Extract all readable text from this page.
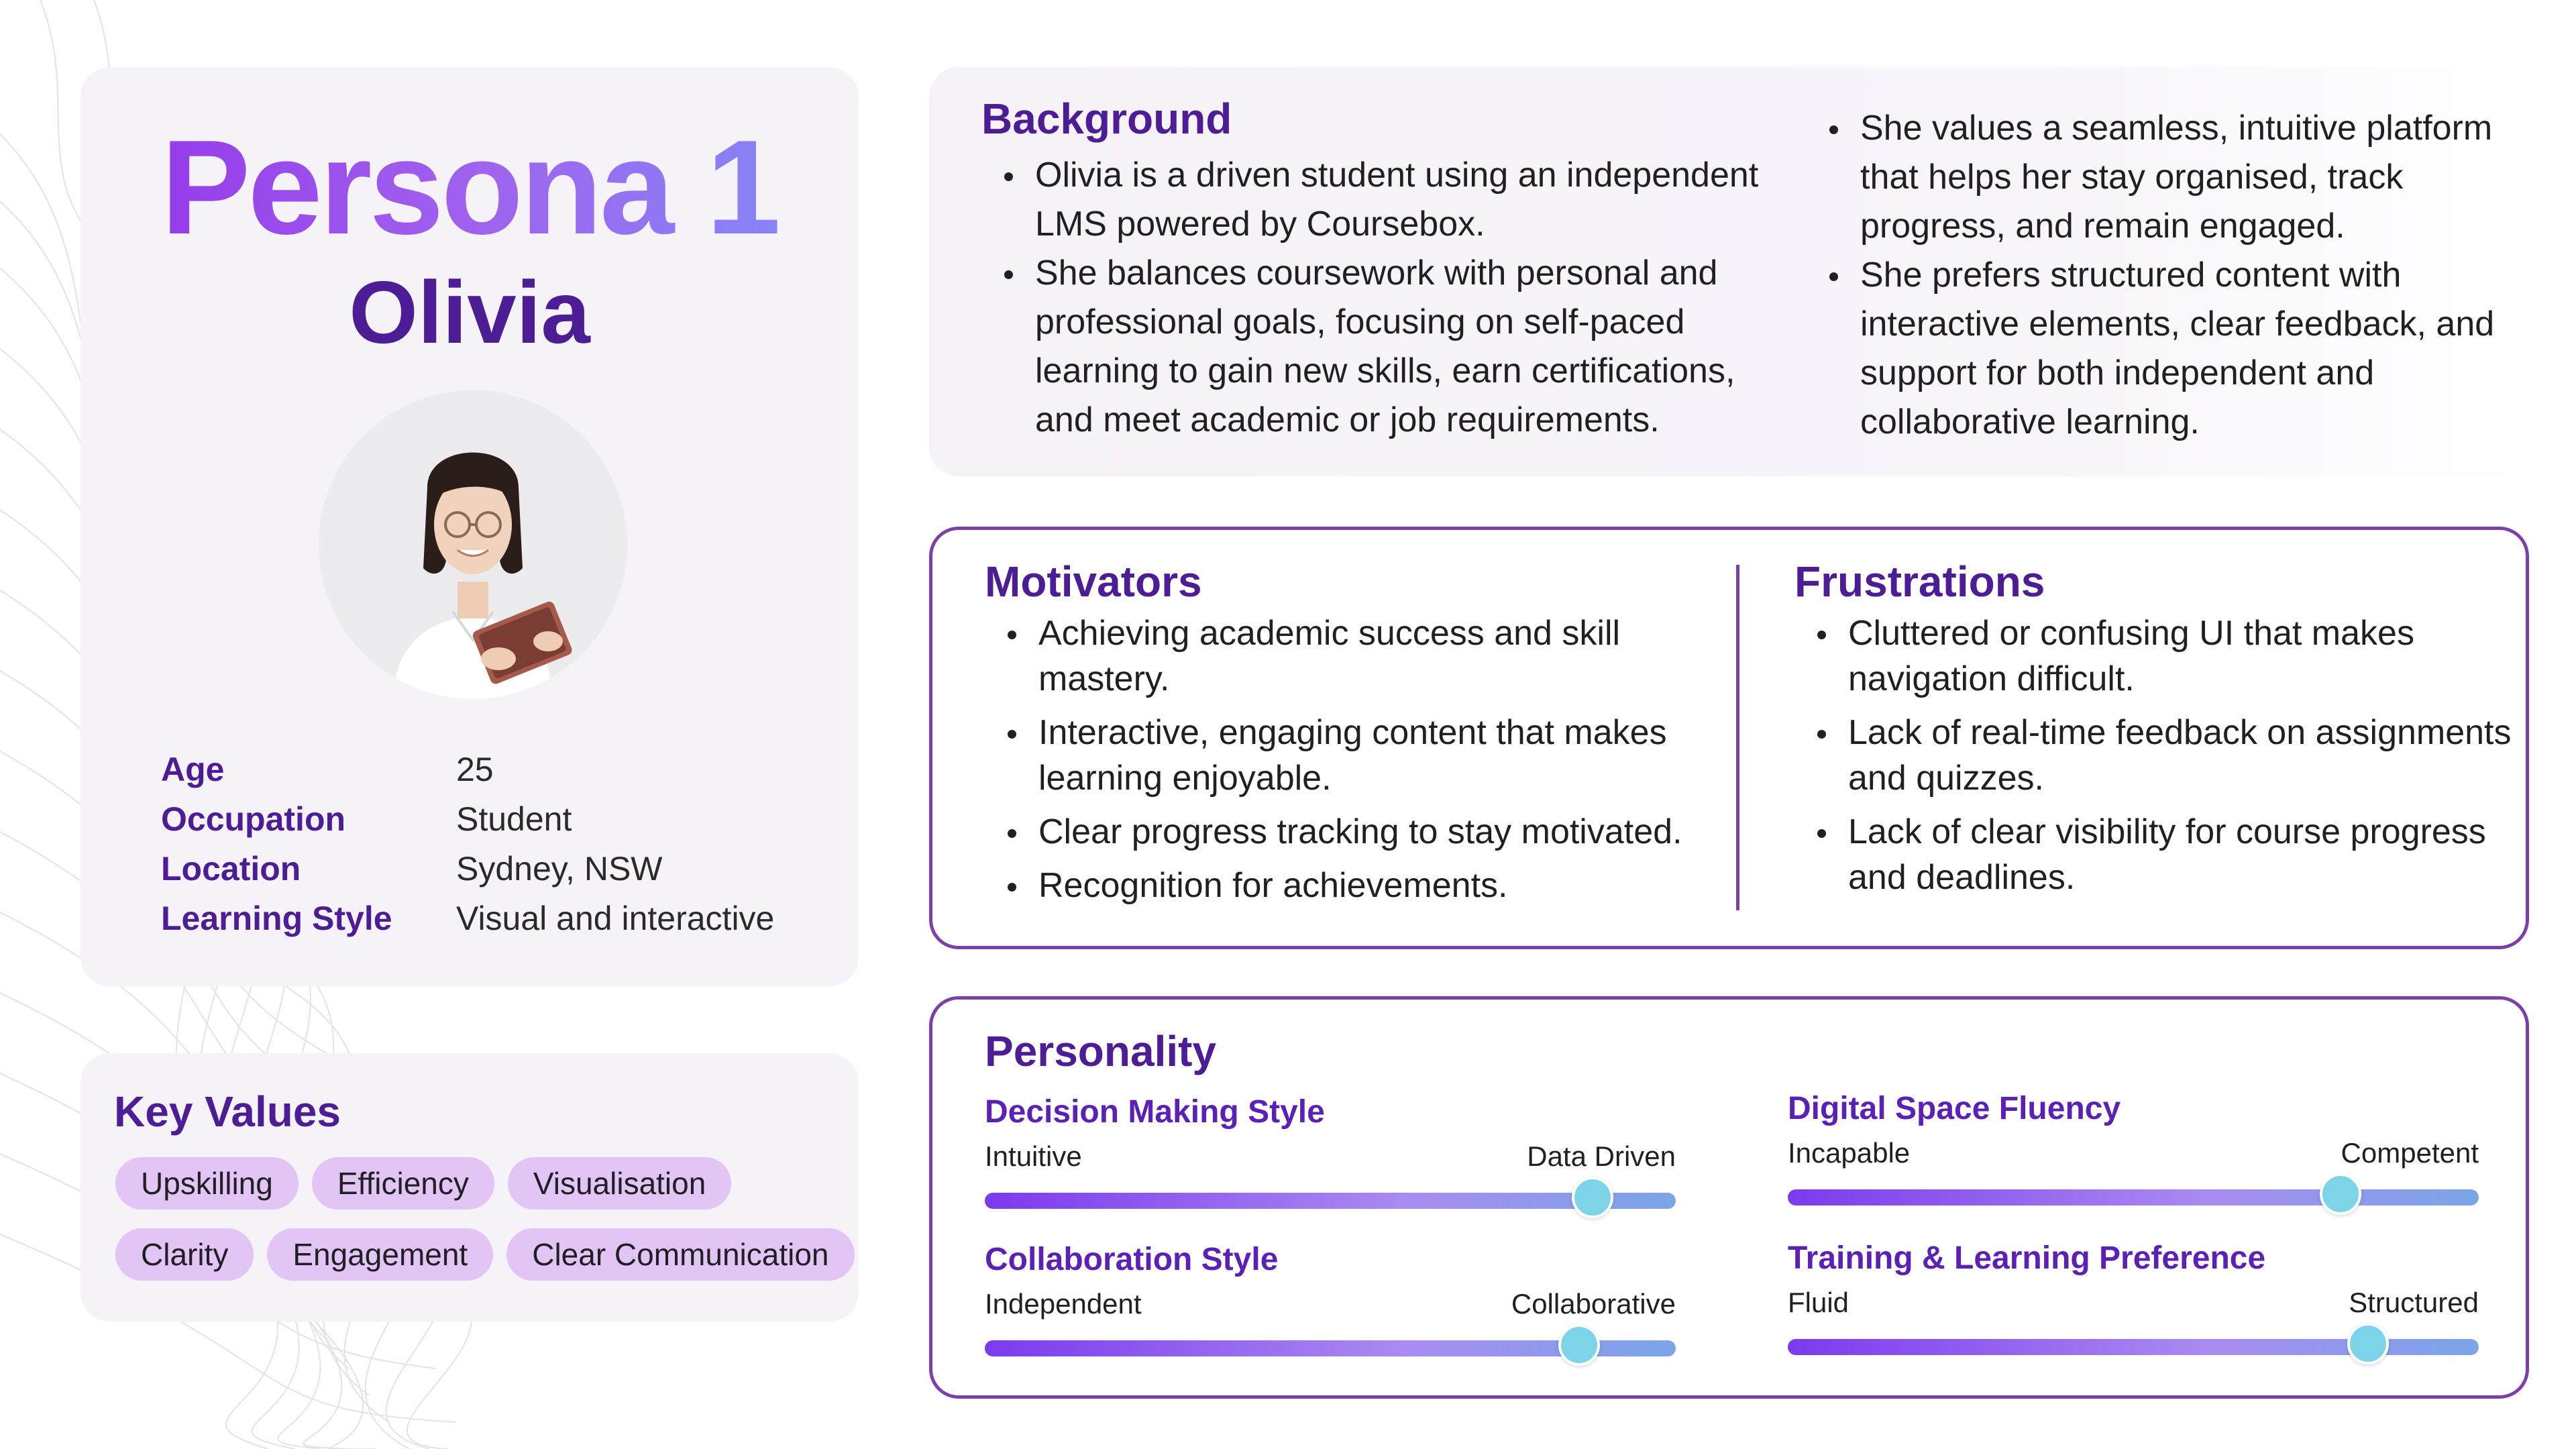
Persona 1
Olivia
Age	25
Occupation	Student
Location	Sydney, NSW
Learning Style	Visual and interactive
Key Values
Upskilling	Efficiency	Visualisation
Clarity	Engagement	Clear Communication
Background
Olivia is a driven student using an independent LMS powered by Coursebox.
She balances coursework with personal and professional goals, focusing on self-paced learning to gain new skills, earn certifications, and meet academic or job requirements.
She values a seamless, intuitive platform that helps her stay organised, track progress, and remain engaged.
She prefers structured content with interactive elements, clear feedback, and support for both independent and collaborative learning.
Motivators
Achieving academic success and skill mastery.
Interactive, engaging content that makes learning enjoyable.
Clear progress tracking to stay motivated.
Recognition for achievements.
Frustrations
Cluttered or confusing UI that makes navigation difficult.
Lack of real-time feedback on assignments and quizzes.
Lack of clear visibility for course progress and deadlines.
Personality
Decision Making Style
Intuitive	Data Driven
Digital Space Fluency
Incapable	Competent
Collaboration Style
Independent	Collaborative
Training & Learning Preference
Fluid	Structured
